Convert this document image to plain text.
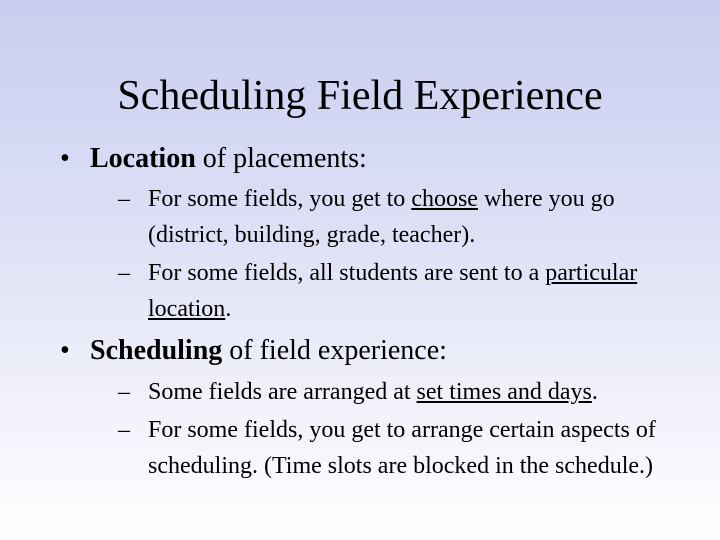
Scheduling Field Experience
• Location of placements:
– For some fields, you get to choose where you go (district, building, grade, teacher).
– For some fields, all students are sent to a particular location.
• Scheduling of field experience:
– Some fields are arranged at set times and days.
– For some fields, you get to arrange certain aspects of scheduling. (Time slots are blocked in the schedule.)
